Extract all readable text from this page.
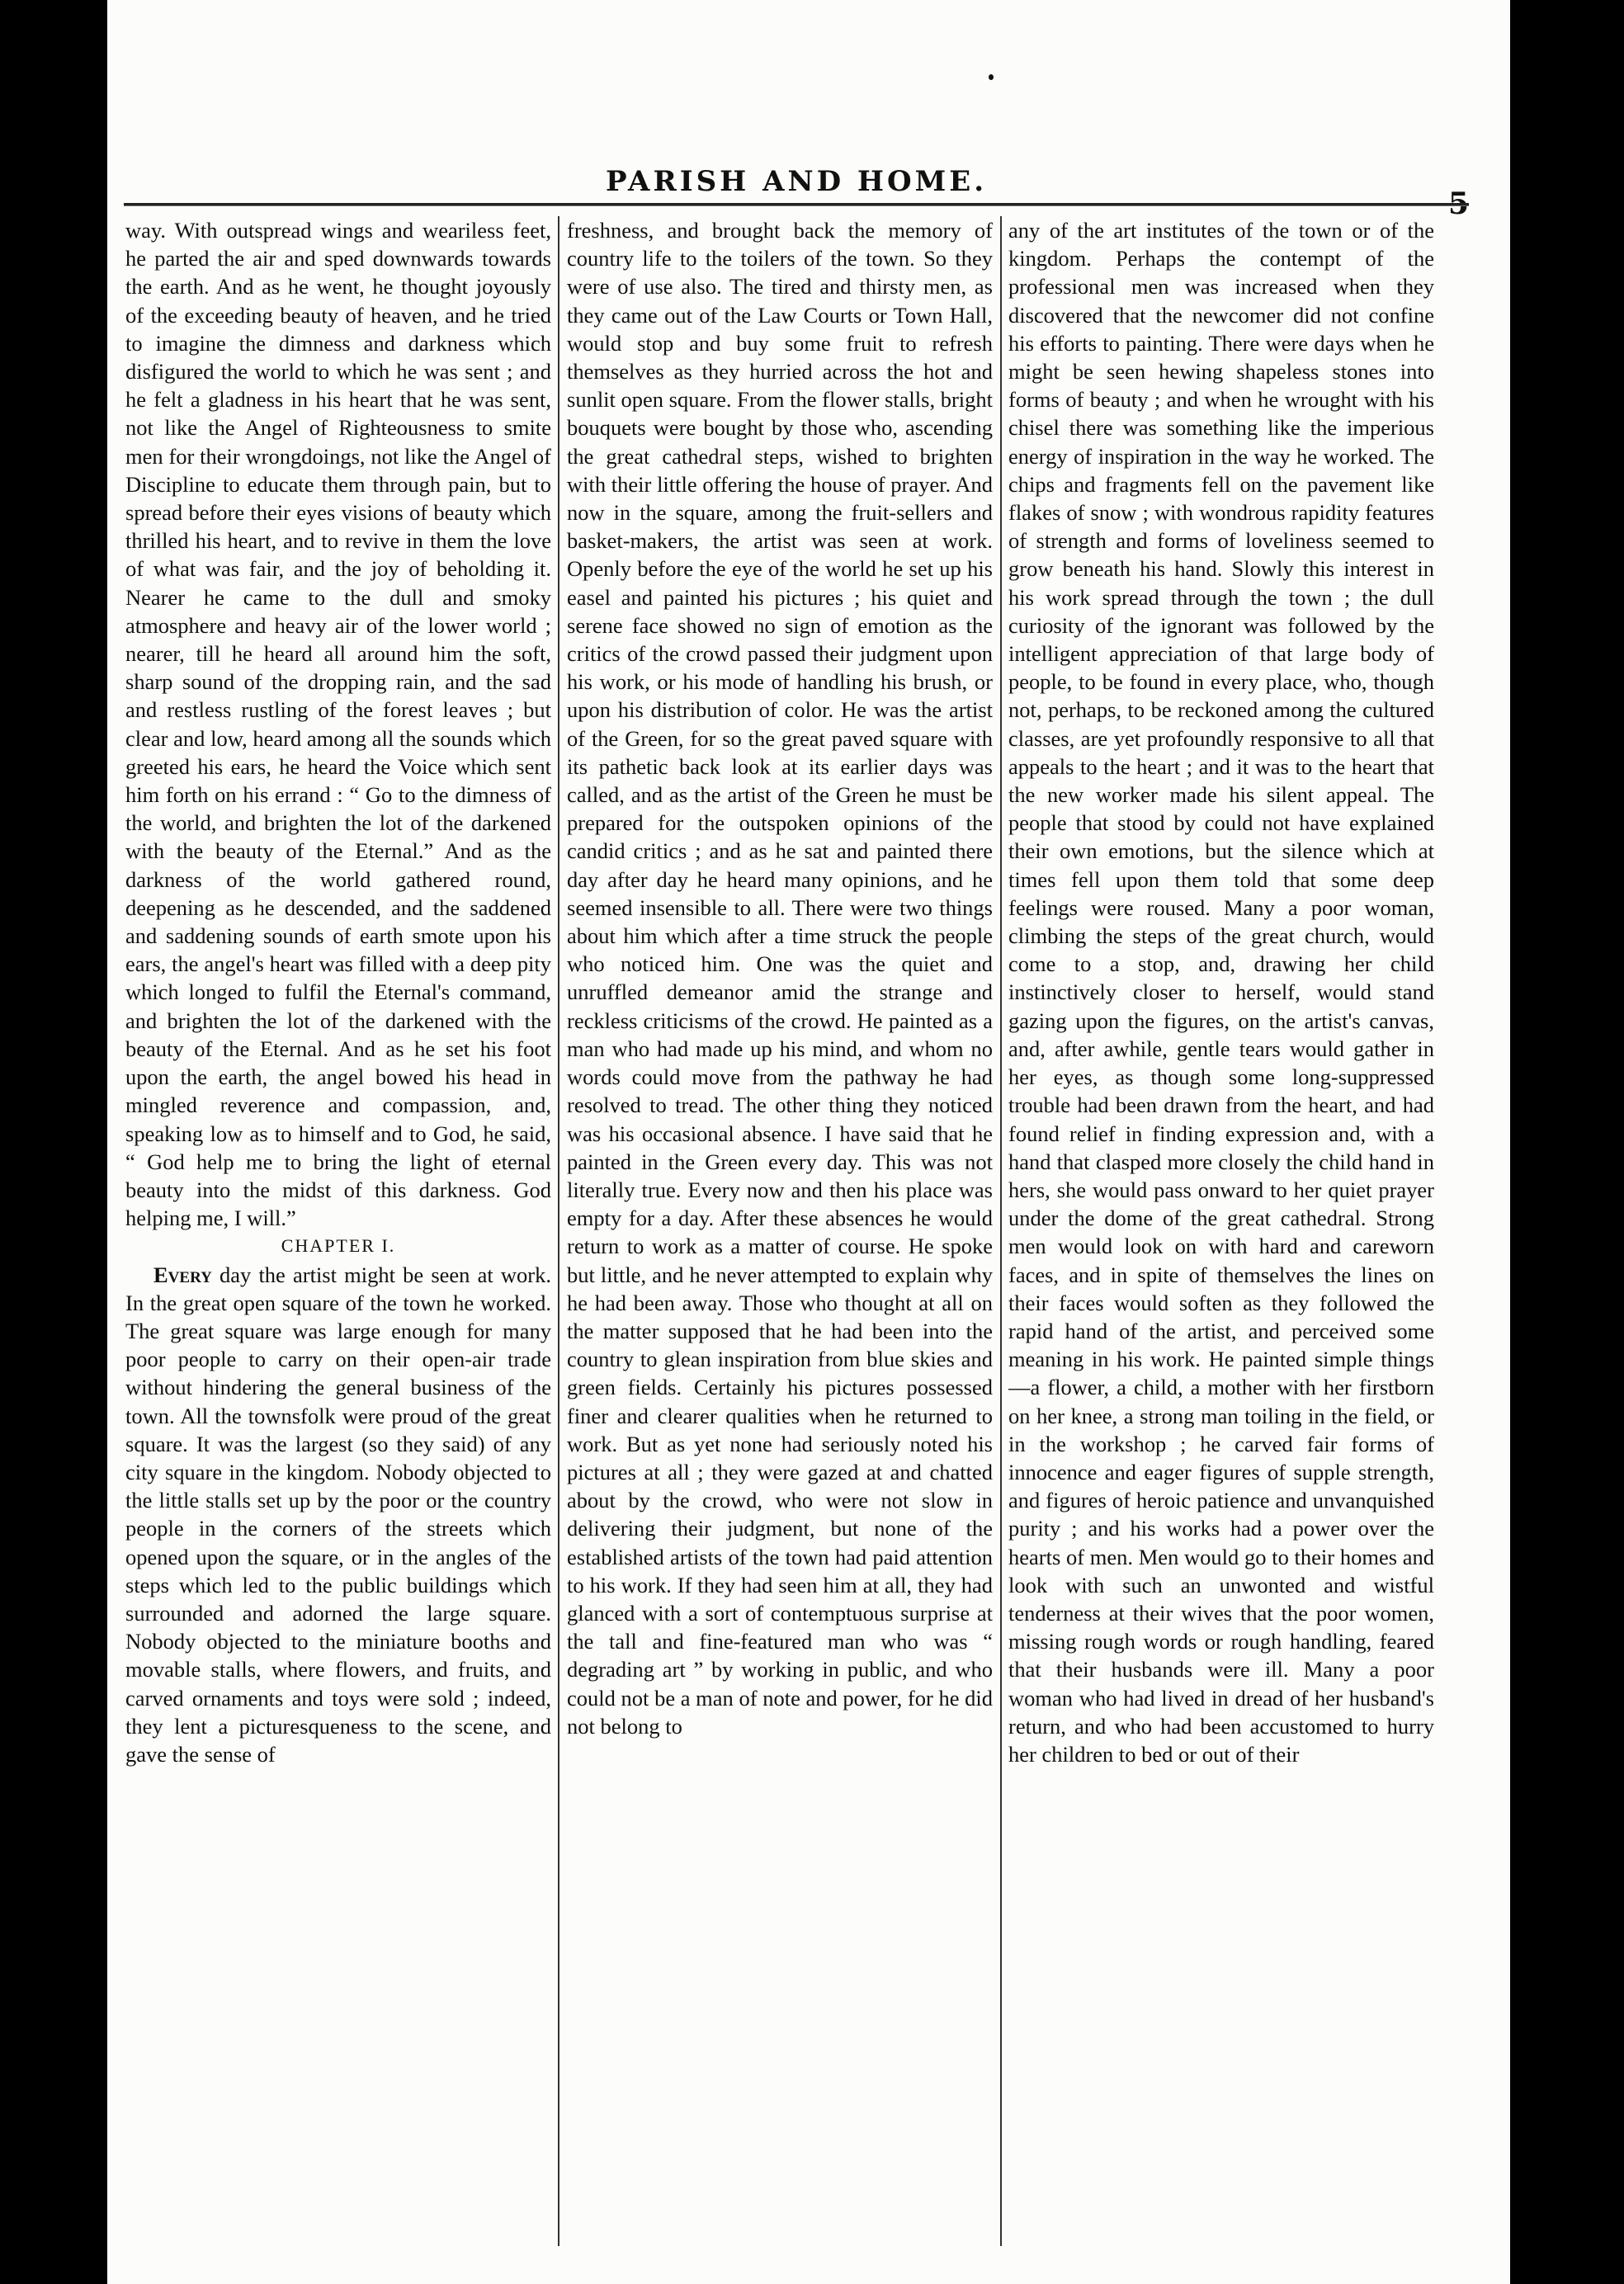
PARISH AND HOME.
5

way. With outspread wings and weariless feet, he parted the air and sped downwards towards the earth. And as he went, he thought joyously of the exceeding beauty of heaven, and he tried to imagine the dimness and darkness which disfigured the world to which he was sent ; and he felt a gladness in his heart that he was sent, not like the Angel of Righteousness to smite men for their wrongdoings, not like the Angel of Discipline to educate them through pain, but to spread before their eyes visions of beauty which thrilled his heart, and to revive in them the love of what was fair, and the joy of beholding it. Nearer he came to the dull and smoky atmosphere and heavy air of the lower world ; nearer, till he heard all around him the soft, sharp sound of the dropping rain, and the sad and restless rustling of the forest leaves ; but clear and low, heard among all the sounds which greeted his ears, he heard the Voice which sent him forth on his errand : “ Go to the dimness of the world, and brighten the lot of the darkened with the beauty of the Eternal.” And as the darkness of the world gathered round, deepening as he descended, and the saddened and saddening sounds of earth smote upon his ears, the angel's heart was filled with a deep pity which longed to fulfil the Eternal's command, and brighten the lot of the darkened with the beauty of the Eternal. And as he set his foot upon the earth, the angel bowed his head in mingled reverence and compassion, and, speaking low as to himself and to God, he said, “ God help me to bring the light of eternal beauty into the midst of this darkness. God helping me, I will.”

CHAPTER I.

Every day the artist might be seen at work. In the great open square of the town he worked. The great square was large enough for many poor people to carry on their open-air trade without hindering the general business of the town. All the townsfolk were proud of the great square. It was the largest (so they said) of any city square in the kingdom. Nobody objected to the little stalls set up by the poor or the country people in the corners of the streets which opened upon the square, or in the angles of the steps which led to the public buildings which surrounded and adorned the large square. Nobody objected to the miniature booths and movable stalls, where flowers, and fruits, and carved ornaments and toys were sold ; indeed, they lent a picturesqueness to the scene, and gave the sense of

freshness, and brought back the memory of country life to the toilers of the town. So they were of use also. The tired and thirsty men, as they came out of the Law Courts or Town Hall, would stop and buy some fruit to refresh themselves as they hurried across the hot and sunlit open square. From the flower stalls, bright bouquets were bought by those who, ascending the great cathedral steps, wished to brighten with their little offering the house of prayer. And now in the square, among the fruit-sellers and basket-makers, the artist was seen at work. Openly before the eye of the world he set up his easel and painted his pictures ; his quiet and serene face showed no sign of emotion as the critics of the crowd passed their judgment upon his work, or his mode of handling his brush, or upon his distribution of color. He was the artist of the Green, for so the great paved square with its pathetic back look at its earlier days was called, and as the artist of the Green he must be prepared for the outspoken opinions of the candid critics ; and as he sat and painted there day after day he heard many opinions, and he seemed insensible to all. There were two things about him which after a time struck the people who noticed him. One was the quiet and unruffled demeanor amid the strange and reckless criticisms of the crowd. He painted as a man who had made up his mind, and whom no words could move from the pathway he had resolved to tread. The other thing they noticed was his occasional absence. I have said that he painted in the Green every day. This was not literally true. Every now and then his place was empty for a day. After these absences he would return to work as a matter of course. He spoke but little, and he never attempted to explain why he had been away. Those who thought at all on the matter supposed that he had been into the country to glean inspiration from blue skies and green fields. Certainly his pictures possessed finer and clearer qualities when he returned to work. But as yet none had seriously noted his pictures at all ; they were gazed at and chatted about by the crowd, who were not slow in delivering their judgment, but none of the established artists of the town had paid attention to his work. If they had seen him at all, they had glanced with a sort of contemptuous surprise at the tall and fine-featured man who was “ degrading art ” by working in public, and who could not be a man of note and power, for he did not belong to

any of the art institutes of the town or of the kingdom. Perhaps the contempt of the professional men was increased when they discovered that the newcomer did not confine his efforts to painting. There were days when he might be seen hewing shapeless stones into forms of beauty ; and when he wrought with his chisel there was something like the imperious energy of inspiration in the way he worked. The chips and fragments fell on the pavement like flakes of snow ; with wondrous rapidity features of strength and forms of loveliness seemed to grow beneath his hand. Slowly this interest in his work spread through the town ; the dull curiosity of the ignorant was followed by the intelligent appreciation of that large body of people, to be found in every place, who, though not, perhaps, to be reckoned among the cultured classes, are yet profoundly responsive to all that appeals to the heart ; and it was to the heart that the new worker made his silent appeal. The people that stood by could not have explained their own emotions, but the silence which at times fell upon them told that some deep feelings were roused. Many a poor woman, climbing the steps of the great church, would come to a stop, and, drawing her child instinctively closer to herself, would stand gazing upon the figures, on the artist's canvas, and, after awhile, gentle tears would gather in her eyes, as though some long-suppressed trouble had been drawn from the heart, and had found relief in finding expression and, with a hand that clasped more closely the child hand in hers, she would pass onward to her quiet prayer under the dome of the great cathedral. Strong men would look on with hard and careworn faces, and in spite of themselves the lines on their faces would soften as they followed the rapid hand of the artist, and perceived some meaning in his work. He painted simple things—a flower, a child, a mother with her firstborn on her knee, a strong man toiling in the field, or in the workshop ; he carved fair forms of innocence and eager figures of supple strength, and figures of heroic patience and unvanquished purity ; and his works had a power over the hearts of men. Men would go to their homes and look with such an unwonted and wistful tenderness at their wives that the poor women, missing rough words or rough handling, feared that their husbands were ill. Many a poor woman who had lived in dread of her husband's return, and who had been accustomed to hurry her children to bed or out of their
